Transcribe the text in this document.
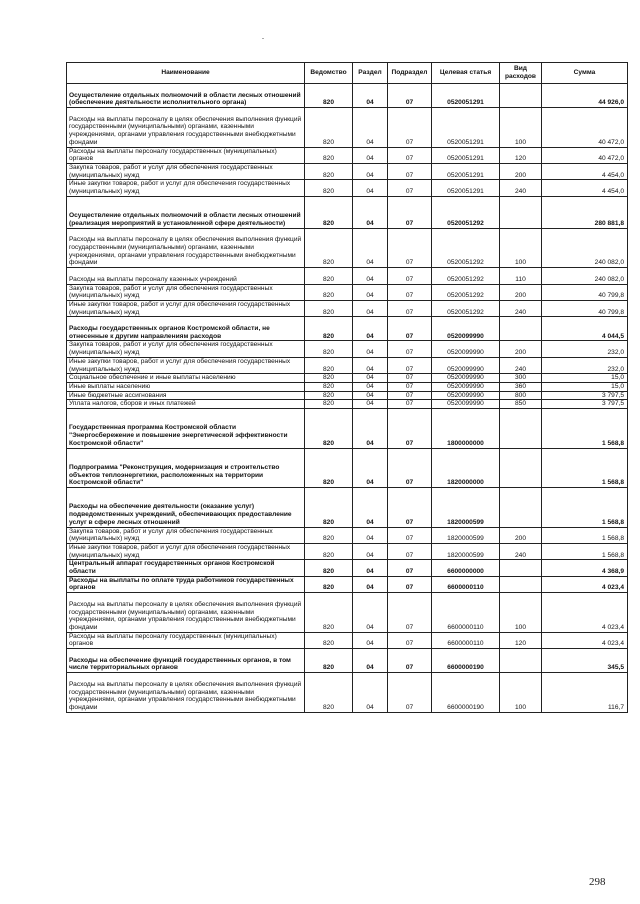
Наименование	Ведомство	Раздел	Подраздел	Целевая статья	Вид расходов	Сумма
Осуществление отдельных полномочий в области лесных отношений (обеспечение деятельности исполнительного органа)	820	04	07	0520051291		44 926,0
Расходы на выплаты персоналу в целях обеспечения выполнения функций государственными (муниципальными) органами, казенными учреждениями, органами управления государственными внебюджетными фондами	820	04	07	0520051291	100	40 472,0
Расходы на выплаты персоналу государственных (муниципальных) органов	820	04	07	0520051291	120	40 472,0
Закупка товаров, работ и услуг для обеспечения государственных (муниципальных) нужд	820	04	07	0520051291	200	4 454,0
Иные закупки товаров, работ и услуг для обеспечения государственных (муниципальных) нужд	820	04	07	0520051291	240	4 454,0
Осуществление отдельных полномочий в области лесных отношений (реализация мероприятий в установленной сфере деятельности)	820	04	07	0520051292		280 881,8
Расходы на выплаты персоналу в целях обеспечения выполнения функций государственными (муниципальными) органами, казенными учреждениями, органами управления государственными внебюджетными фондами	820	04	07	0520051292	100	240 082,0
Расходы на выплаты персоналу казенных учреждений	820	04	07	0520051292	110	240 082,0
Закупка товаров, работ и услуг для обеспечения государственных (муниципальных) нужд	820	04	07	0520051292	200	40 799,8
Иные закупки товаров, работ и услуг для обеспечения государственных (муниципальных) нужд	820	04	07	0520051292	240	40 799,8
Расходы государственных органов Костромской области, не отнесенные к другим направлениям расходов	820	04	07	0520099990		4 044,5
Закупка товаров, работ и услуг для обеспечения государственных (муниципальных) нужд	820	04	07	0520099990	200	232,0
Иные закупки товаров, работ и услуг для обеспечения государственных (муниципальных) нужд	820	04	07	0520099990	240	232,0
Социальное обеспечение и иные выплаты населению	820	04	07	0520099990	300	15,0
Иные выплаты населению	820	04	07	0520099990	360	15,0
Иные бюджетные ассигнования	820	04	07	0520099990	800	3 797,5
Уплата налогов, сборов и иных платежей	820	04	07	0520099990	850	3 797,5
Государственная программа Костромской области "Энергосбережение и повышение энергетической эффективности Костромской области"	820	04	07	1800000000		1 568,8
Подпрограмма "Реконструкция, модернизация и строительство объектов теплоэнергетики, расположенных на территории Костромской области"	820	04	07	1820000000		1 568,8
Расходы на обеспечение деятельности (оказание услуг) подведомственных учреждений, обеспечивающих предоставление услуг в сфере лесных отношений	820	04	07	1820000599		1 568,8
Закупка товаров, работ и услуг для обеспечения государственных (муниципальных) нужд	820	04	07	1820000599	200	1 568,8
Иные закупки товаров, работ и услуг для обеспечения государственных (муниципальных) нужд	820	04	07	1820000599	240	1 568,8
Центральный аппарат государственных органов Костромской области	820	04	07	6600000000		4 368,9
Расходы на выплаты по оплате труда работников государственных органов	820	04	07	6600000110		4 023,4
Расходы на выплаты персоналу в целях обеспечения выполнения функций государственными (муниципальными) органами, казенными учреждениями, органами управления государственными внебюджетными фондами	820	04	07	6600000110	100	4 023,4
Расходы на выплаты персоналу государственных (муниципальных) органов	820	04	07	6600000110	120	4 023,4
Расходы на обеспечение функций государственных органов, в том числе территориальных органов	820	04	07	6600000190		345,5
Расходы на выплаты персоналу в целях обеспечения выполнения функций государственными (муниципальными) органами, казенными учреждениями, органами управления государственными внебюджетными фондами	820	04	07	6600000190	100	116,7
298
